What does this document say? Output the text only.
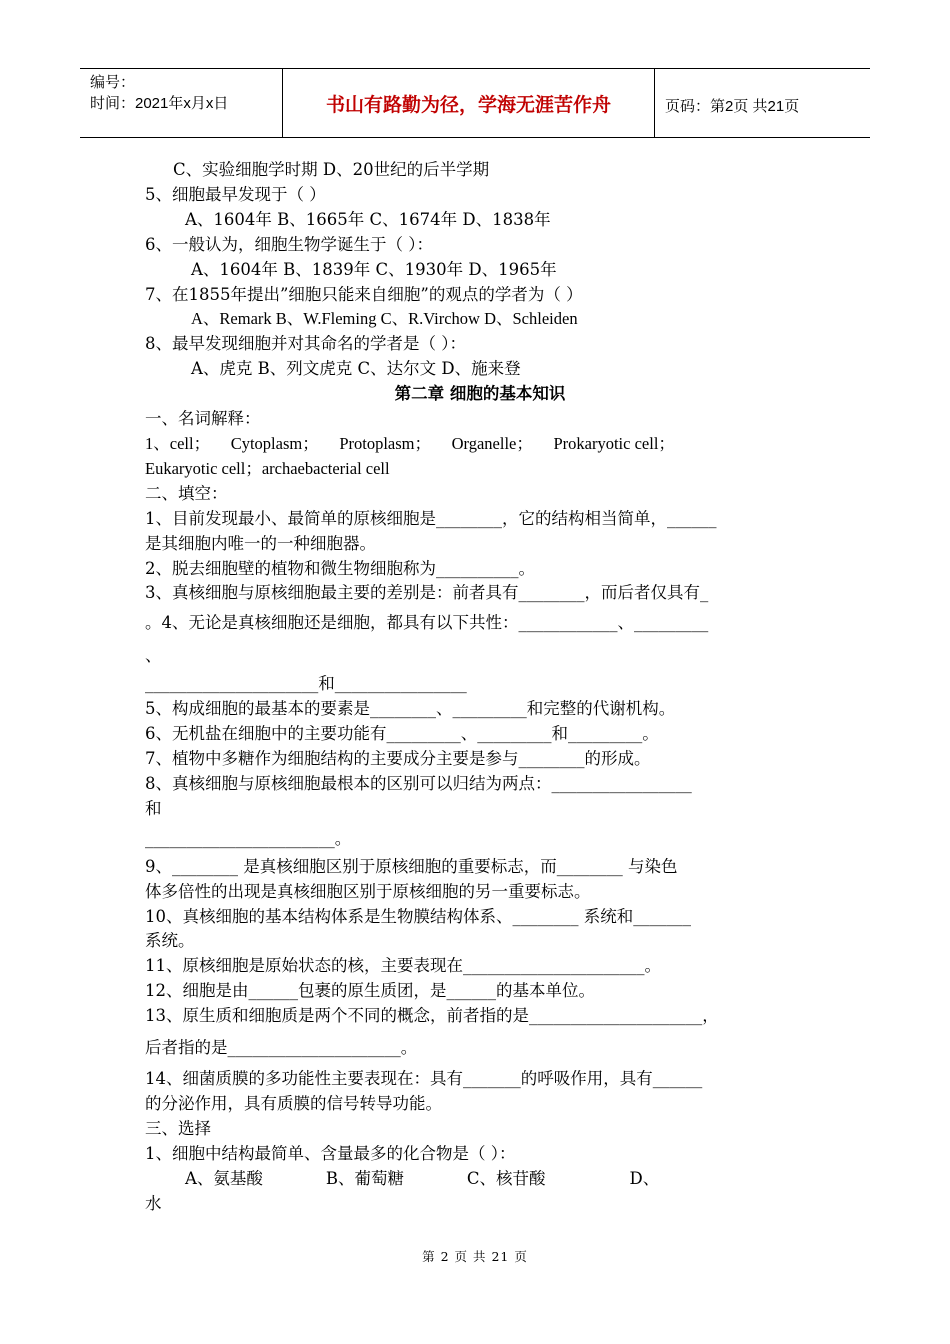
编号：
时间：2021年x月x日	书山有路勤为径，学海无涯苦作舟	页码：第2页 共21页
C、实验细胞学时期 D、20世纪的后半学期
5、细胞最早发现于（ ）
A、1604年 B、1665年 C、1674年 D、1838年
6、一般认为，细胞生物学诞生于（ ）：
A、1604年 B、1839年 C、1930年 D、1965年
7、在1855年提出”细胞只能来自细胞”的观点的学者为（ ）
A、Remark B、W.Fleming C、R.Virchow D、Schleiden
8、最早发现细胞并对其命名的学者是（ ）：
A、虎克 B、列文虎克 C、达尔文 D、施来登
第二章 细胞的基本知识
一、名词解释：
1、cell；     Cytoplasm；     Protoplasm；     Organelle；     Prokaryotic cell；
Eukaryotic cell；archaebacterial cell
二、填空：
1、目前发现最小、最简单的原核细胞是________，它的结构相当简单，______
是其细胞内唯一的一种细胞器。
2、脱去细胞壁的植物和微生物细胞称为__________。
3、真核细胞与原核细胞最主要的差别是：前者具有________，而后者仅具有_
。4、无论是真核细胞还是细胞，都具有以下共性：____________、_________
、
_____________________和________________
5、构成细胞的最基本的要素是________、_________和完整的代谢机构。
6、无机盐在细胞中的主要功能有_________、_________和_________。
7、植物中多糖作为细胞结构的主要成分主要是参与________的形成。
8、真核细胞与原核细胞最根本的区别可以归结为两点：_________________
和
_______________________。
9、________ 是真核细胞区别于原核细胞的重要标志，而________ 与染色
体多倍性的出现是真核细胞区别于原核细胞的另一重要标志。
10、真核细胞的基本结构体系是生物膜结构体系、________ 系统和_______
系统。
11、原核细胞是原始状态的核，主要表现在______________________。
12、细胞是由______包裹的原生质团，是______的基本单位。
13、原生质和细胞质是两个不同的概念，前者指的是_____________________，
后者指的是_____________________。
14、细菌质膜的多功能性主要表现在：具有_______的呼吸作用，具有______
的分泌作用，具有质膜的信号转导功能。
三、选择
1、细胞中结构最简单、含量最多的化合物是（ ）：
A、氨基酸            B、葡萄糖            C、核苷酸                D、
水
第 2 页 共 21 页
